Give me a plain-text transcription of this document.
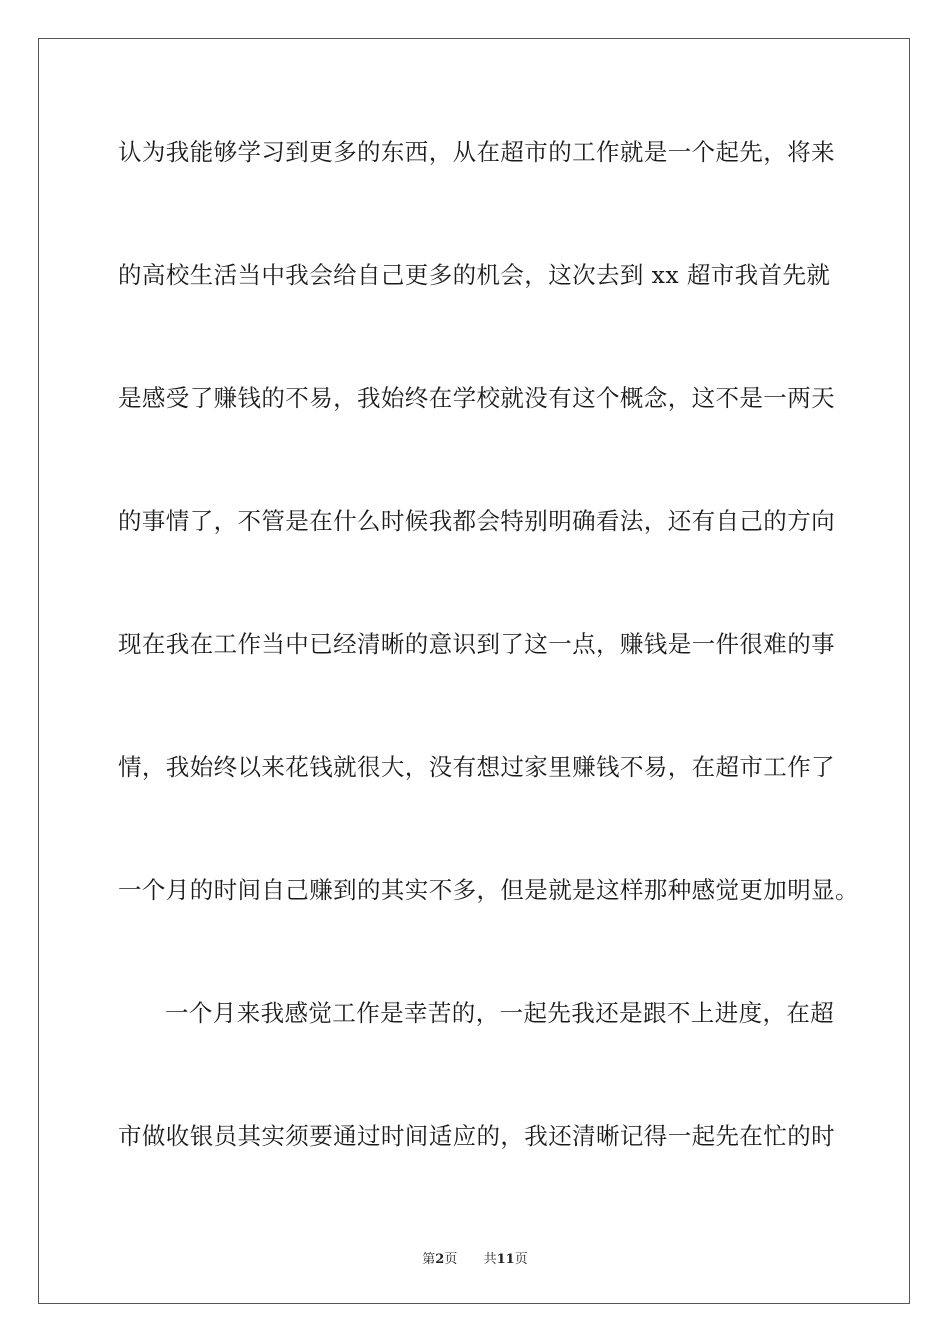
认为我能够学习到更多的东西，从在超市的工作就是一个起先，将来
的高校生活当中我会给自己更多的机会，这次去到 xx 超市我首先就
是感受了赚钱的不易，我始终在学校就没有这个概念，这不是一两天
的事情了，不管是在什么时候我都会特别明确看法，还有自己的方向
现在我在工作当中已经清晰的意识到了这一点，赚钱是一件很难的事
情，我始终以来花钱就很大，没有想过家里赚钱不易，在超市工作了
一个月的时间自己赚到的其实不多，但是就是这样那种感觉更加明显。
一个月来我感觉工作是幸苦的，一起先我还是跟不上进度，在超
市做收银员其实须要通过时间适应的，我还清晰记得一起先在忙的时
第2页 共11页
